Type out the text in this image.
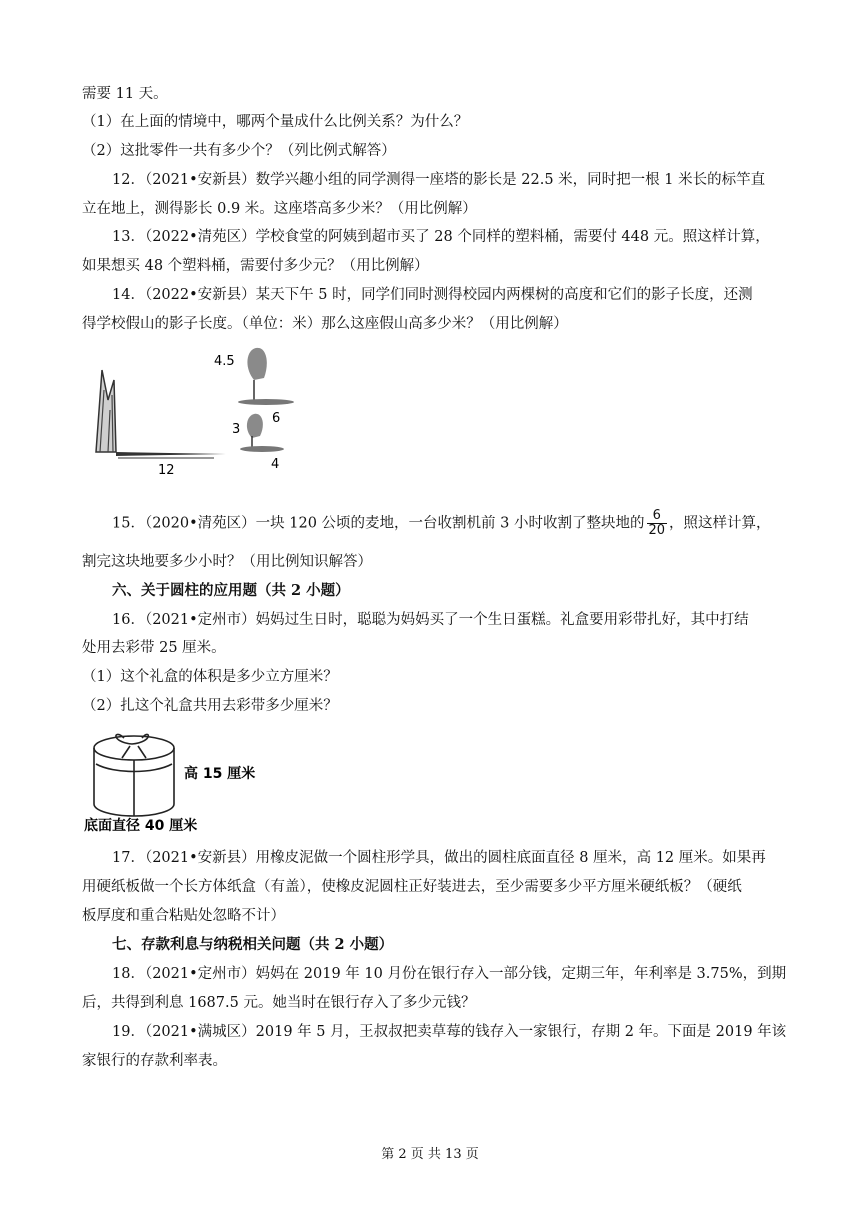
需要 11 天。
（1）在上面的情境中，哪两个量成什么比例关系？为什么？
（2）这批零件一共有多少个？（列比例式解答）
12．（2021•安新县）数学兴趣小组的同学测得一座塔的影长是 22.5 米，同时把一根 1 米长的标竿直
立在地上，测得影长 0.9 米。这座塔高多少米？（用比例解）
13．（2022•清苑区）学校食堂的阿姨到超市买了 28 个同样的塑料桶，需要付 448 元。照这样计算，
如果想买 48 个塑料桶，需要付多少元？（用比例解）
14．（2022•安新县）某天下午 5 时，同学们同时测得校园内两棵树的高度和它们的影子长度，还测
得学校假山的影子长度。（单位：米）那么这座假山高多少米？（用比例解）
12
4.5
6
3
4
15．（2020•清苑区）一块 120 公顷的麦地，一台收割机前 3 小时收割了整块地的 $\frac{6}{20}$ ，照这样计算，
割完这块地要多少小时？（用比例知识解答）
六、关于圆柱的应用题（共 2 小题）
16．（2021•定州市）妈妈过生日时，聪聪为妈妈买了一个生日蛋糕。礼盒要用彩带扎好，其中打结
处用去彩带 25 厘米。
（1）这个礼盒的体积是多少立方厘米？
（2）扎这个礼盒共用去彩带多少厘米？
高 15 厘米
底面直径 40 厘米
17．（2021•安新县）用橡皮泥做一个圆柱形学具，做出的圆柱底面直径 8 厘米，高 12 厘米。如果再
用硬纸板做一个长方体纸盒（有盖），使橡皮泥圆柱正好装进去，至少需要多少平方厘米硬纸板？（硬纸
板厚度和重合粘贴处忽略不计）
七、存款利息与纳税相关问题（共 2 小题）
18．（2021•定州市）妈妈在 2019 年 10 月份在银行存入一部分钱，定期三年，年利率是 3.75%，到期
后，共得到利息 1687.5 元。她当时在银行存入了多少元钱？
19．（2021•满城区）2019 年 5 月，王叔叔把卖草莓的钱存入一家银行，存期 2 年。下面是 2019 年该
家银行的存款利率表。
第 2 页 共 13 页
